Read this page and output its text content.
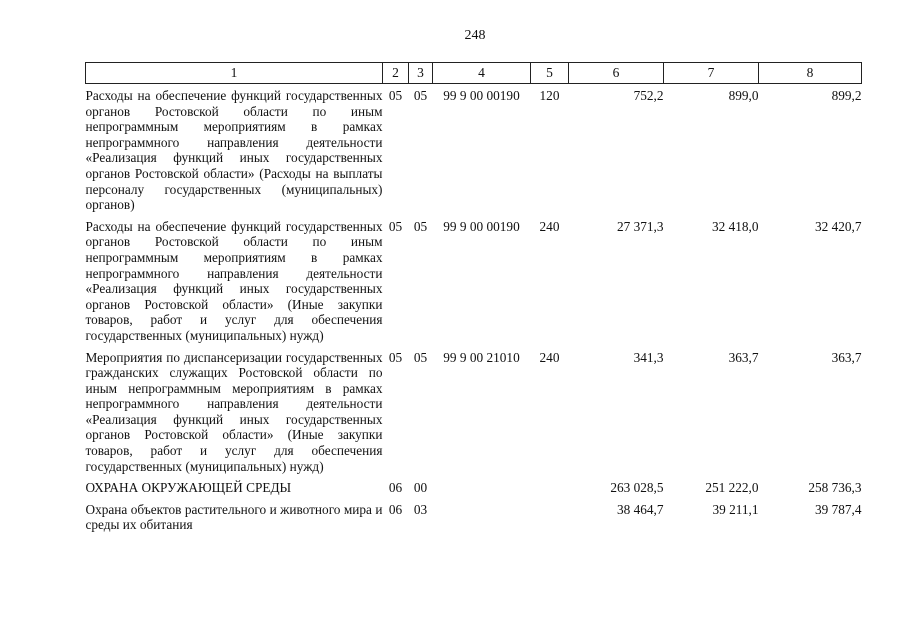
248
1	2	3	4	5	6	7	8
Расходы на обеспечение функций государственных органов Ростовской области по иным непрограммным мероприятиям в рамках непрограммного направления деятельности «Реализация функций иных государственных органов Ростовской области» (Расходы на выплаты персоналу государственных (муниципальных) органов)	05	05	99 9 00 00190	120	752,2	899,0	899,2
Расходы на обеспечение функций государственных органов Ростовской области по иным непрограммным мероприятиям в рамках непрограммного направления деятельности «Реализация функций иных государственных органов Ростовской области» (Иные закупки товаров, работ и услуг для обеспечения государственных (муниципальных) нужд)	05	05	99 9 00 00190	240	27 371,3	32 418,0	32 420,7
Мероприятия по диспансеризации государственных гражданских служащих Ростовской области по иным непрограммным мероприятиям в рамках непрограммного направления деятельности «Реализация функций иных государственных органов Ростовской области» (Иные закупки товаров, работ и услуг для обеспечения государственных (муниципальных) нужд)	05	05	99 9 00 21010	240	341,3	363,7	363,7
ОХРАНА ОКРУЖАЮЩЕЙ СРЕДЫ	06	00			263 028,5	251 222,0	258 736,3
Охрана объектов растительного и животного мира и среды их обитания	06	03			38 464,7	39 211,1	39 787,4
